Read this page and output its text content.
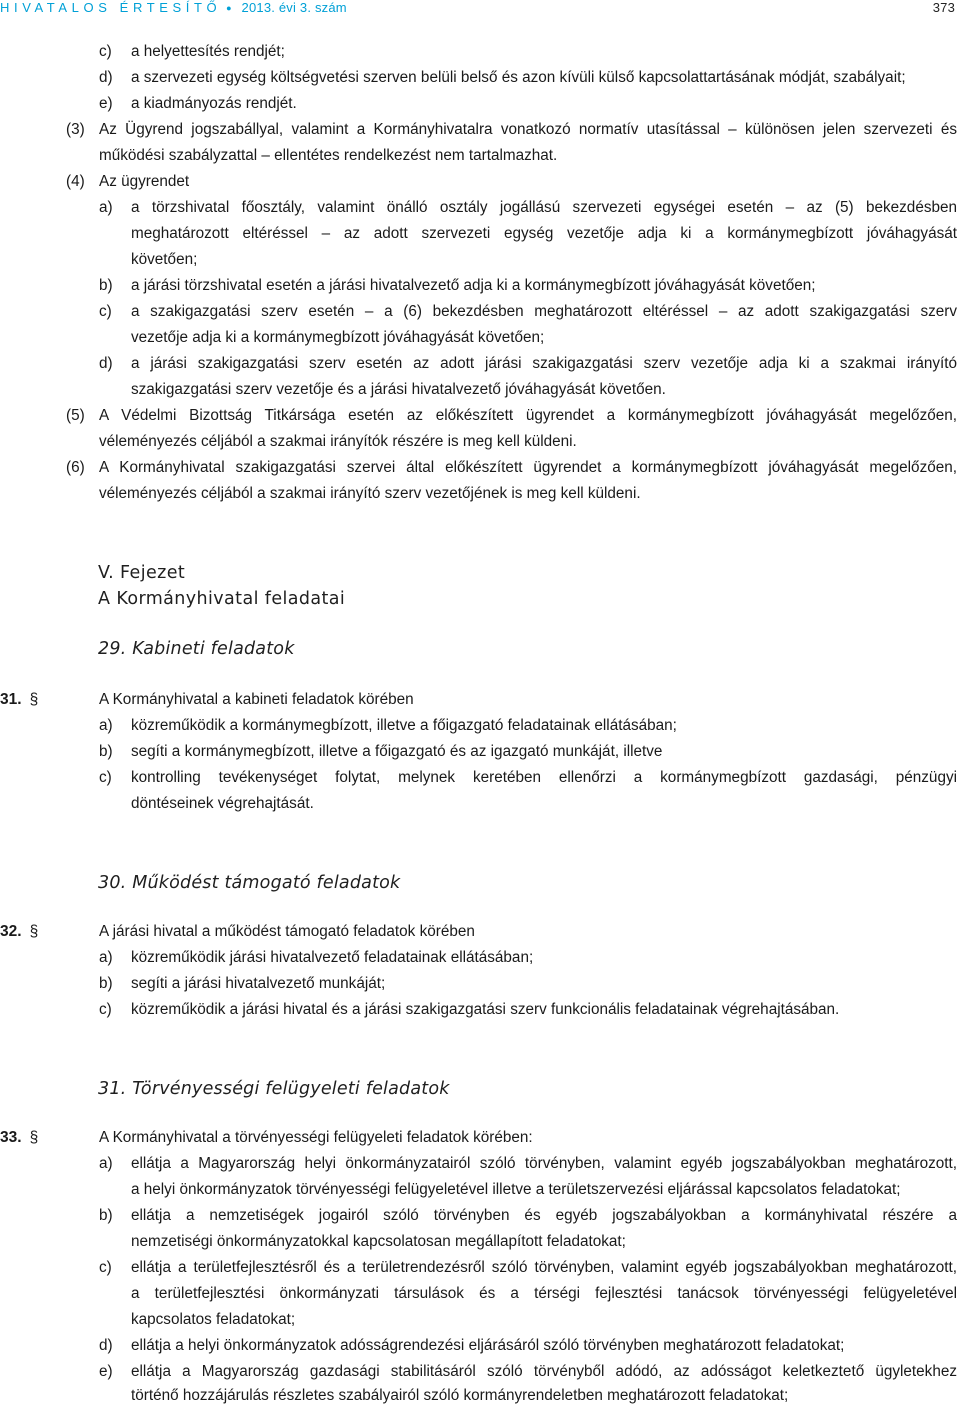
HIVATALOS ÉRTESÍTŐ ● 2013. évi 3. szám	373
c) a helyettesítés rendjét;
d) a szervezeti egység költségvetési szerven belüli belső és azon kívüli külső kapcsolattartásának módját, szabályait;
e) a kiadmányozás rendjét.
(3) Az Ügyrend jogszabállyal, valamint a Kormányhivatalra vonatkozó normatív utasítással – különösen jelen szervezeti és
működési szabályzattal – ellentétes rendelkezést nem tartalmazhat.
(4) Az ügyrendet
a) a törzshivatal főosztály, valamint önálló osztály jogállású szervezeti egységei esetén – az (5) bekezdésben
meghatározott eltéréssel – az adott szervezeti egység vezetője adja ki a kormánymegbízott jóváhagyását
követően;
b) a járási törzshivatal esetén a járási hivatalvezető adja ki a kormánymegbízott jóváhagyását követően;
c) a szakigazgatási szerv esetén – a (6) bekezdésben meghatározott eltéréssel – az adott szakigazgatási szerv
vezetője adja ki a kormánymegbízott jóváhagyását követően;
d) a járási szakigazgatási szerv esetén az adott járási szakigazgatási szerv vezetője adja ki a szakmai irányító
szakigazgatási szerv vezetője és a járási hivatalvezető jóváhagyását követően.
(5) A Védelmi Bizottság Titkársága esetén az előkészített ügyrendet a kormánymegbízott jóváhagyását megelőzően,
véleményezés céljából a szakmai irányítók részére is meg kell küldeni.
(6) A Kormányhivatal szakigazgatási szervei által előkészített ügyrendet a kormánymegbízott jóváhagyását megelőzően,
véleményezés céljából a szakmai irányító szerv vezetőjének is meg kell küldeni.
V. Fejezet
A Kormányhivatal feladatai
29. Kabineti feladatok
31. §	A Kormányhivatal a kabineti feladatok körében
a) közreműködik a kormánymegbízott, illetve a főigazgató feladatainak ellátásában;
b) segíti a kormánymegbízott, illetve a főigazgató és az igazgató munkáját, illetve
c) kontrolling tevékenységet folytat, melynek keretében ellenőrzi a kormánymegbízott gazdasági, pénzügyi
döntéseinek végrehajtását.
30. Működést támogató feladatok
32. §	A járási hivatal a működést támogató feladatok körében
a) közreműködik járási hivatalvezető feladatainak ellátásában;
b) segíti a járási hivatalvezető munkáját;
c) közreműködik a járási hivatal és a járási szakigazgatási szerv funkcionális feladatainak végrehajtásában.
31. Törvényességi felügyeleti feladatok
33. §	A Kormányhivatal a törvényességi felügyeleti feladatok körében:
a) ellátja a Magyarország helyi önkormányzatairól szóló törvényben, valamint egyéb jogszabályokban meghatározott,
a helyi önkormányzatok törvényességi felügyeletével illetve a területszervezési eljárással kapcsolatos feladatokat;
b) ellátja a nemzetiségek jogairól szóló törvényben és egyéb jogszabályokban a kormányhivatal részére a
nemzetiségi önkormányzatokkal kapcsolatosan megállapított feladatokat;
c) ellátja a területfejlesztésről és a területrendezésről szóló törvényben, valamint egyéb jogszabályokban meghatározott,
a területfejlesztési önkormányzati társulások és a térségi fejlesztési tanácsok törvényességi felügyeletével
kapcsolatos feladatokat;
d) ellátja a helyi önkormányzatok adósságrendezési eljárásáról szóló törvényben meghatározott feladatokat;
e) ellátja a Magyarország gazdasági stabilitásáról szóló törvényből adódó, az adósságot keletkeztető ügyletekhez
történő hozzájárulás részletes szabályairól szóló kormányrendeletben meghatározott feladatokat;
